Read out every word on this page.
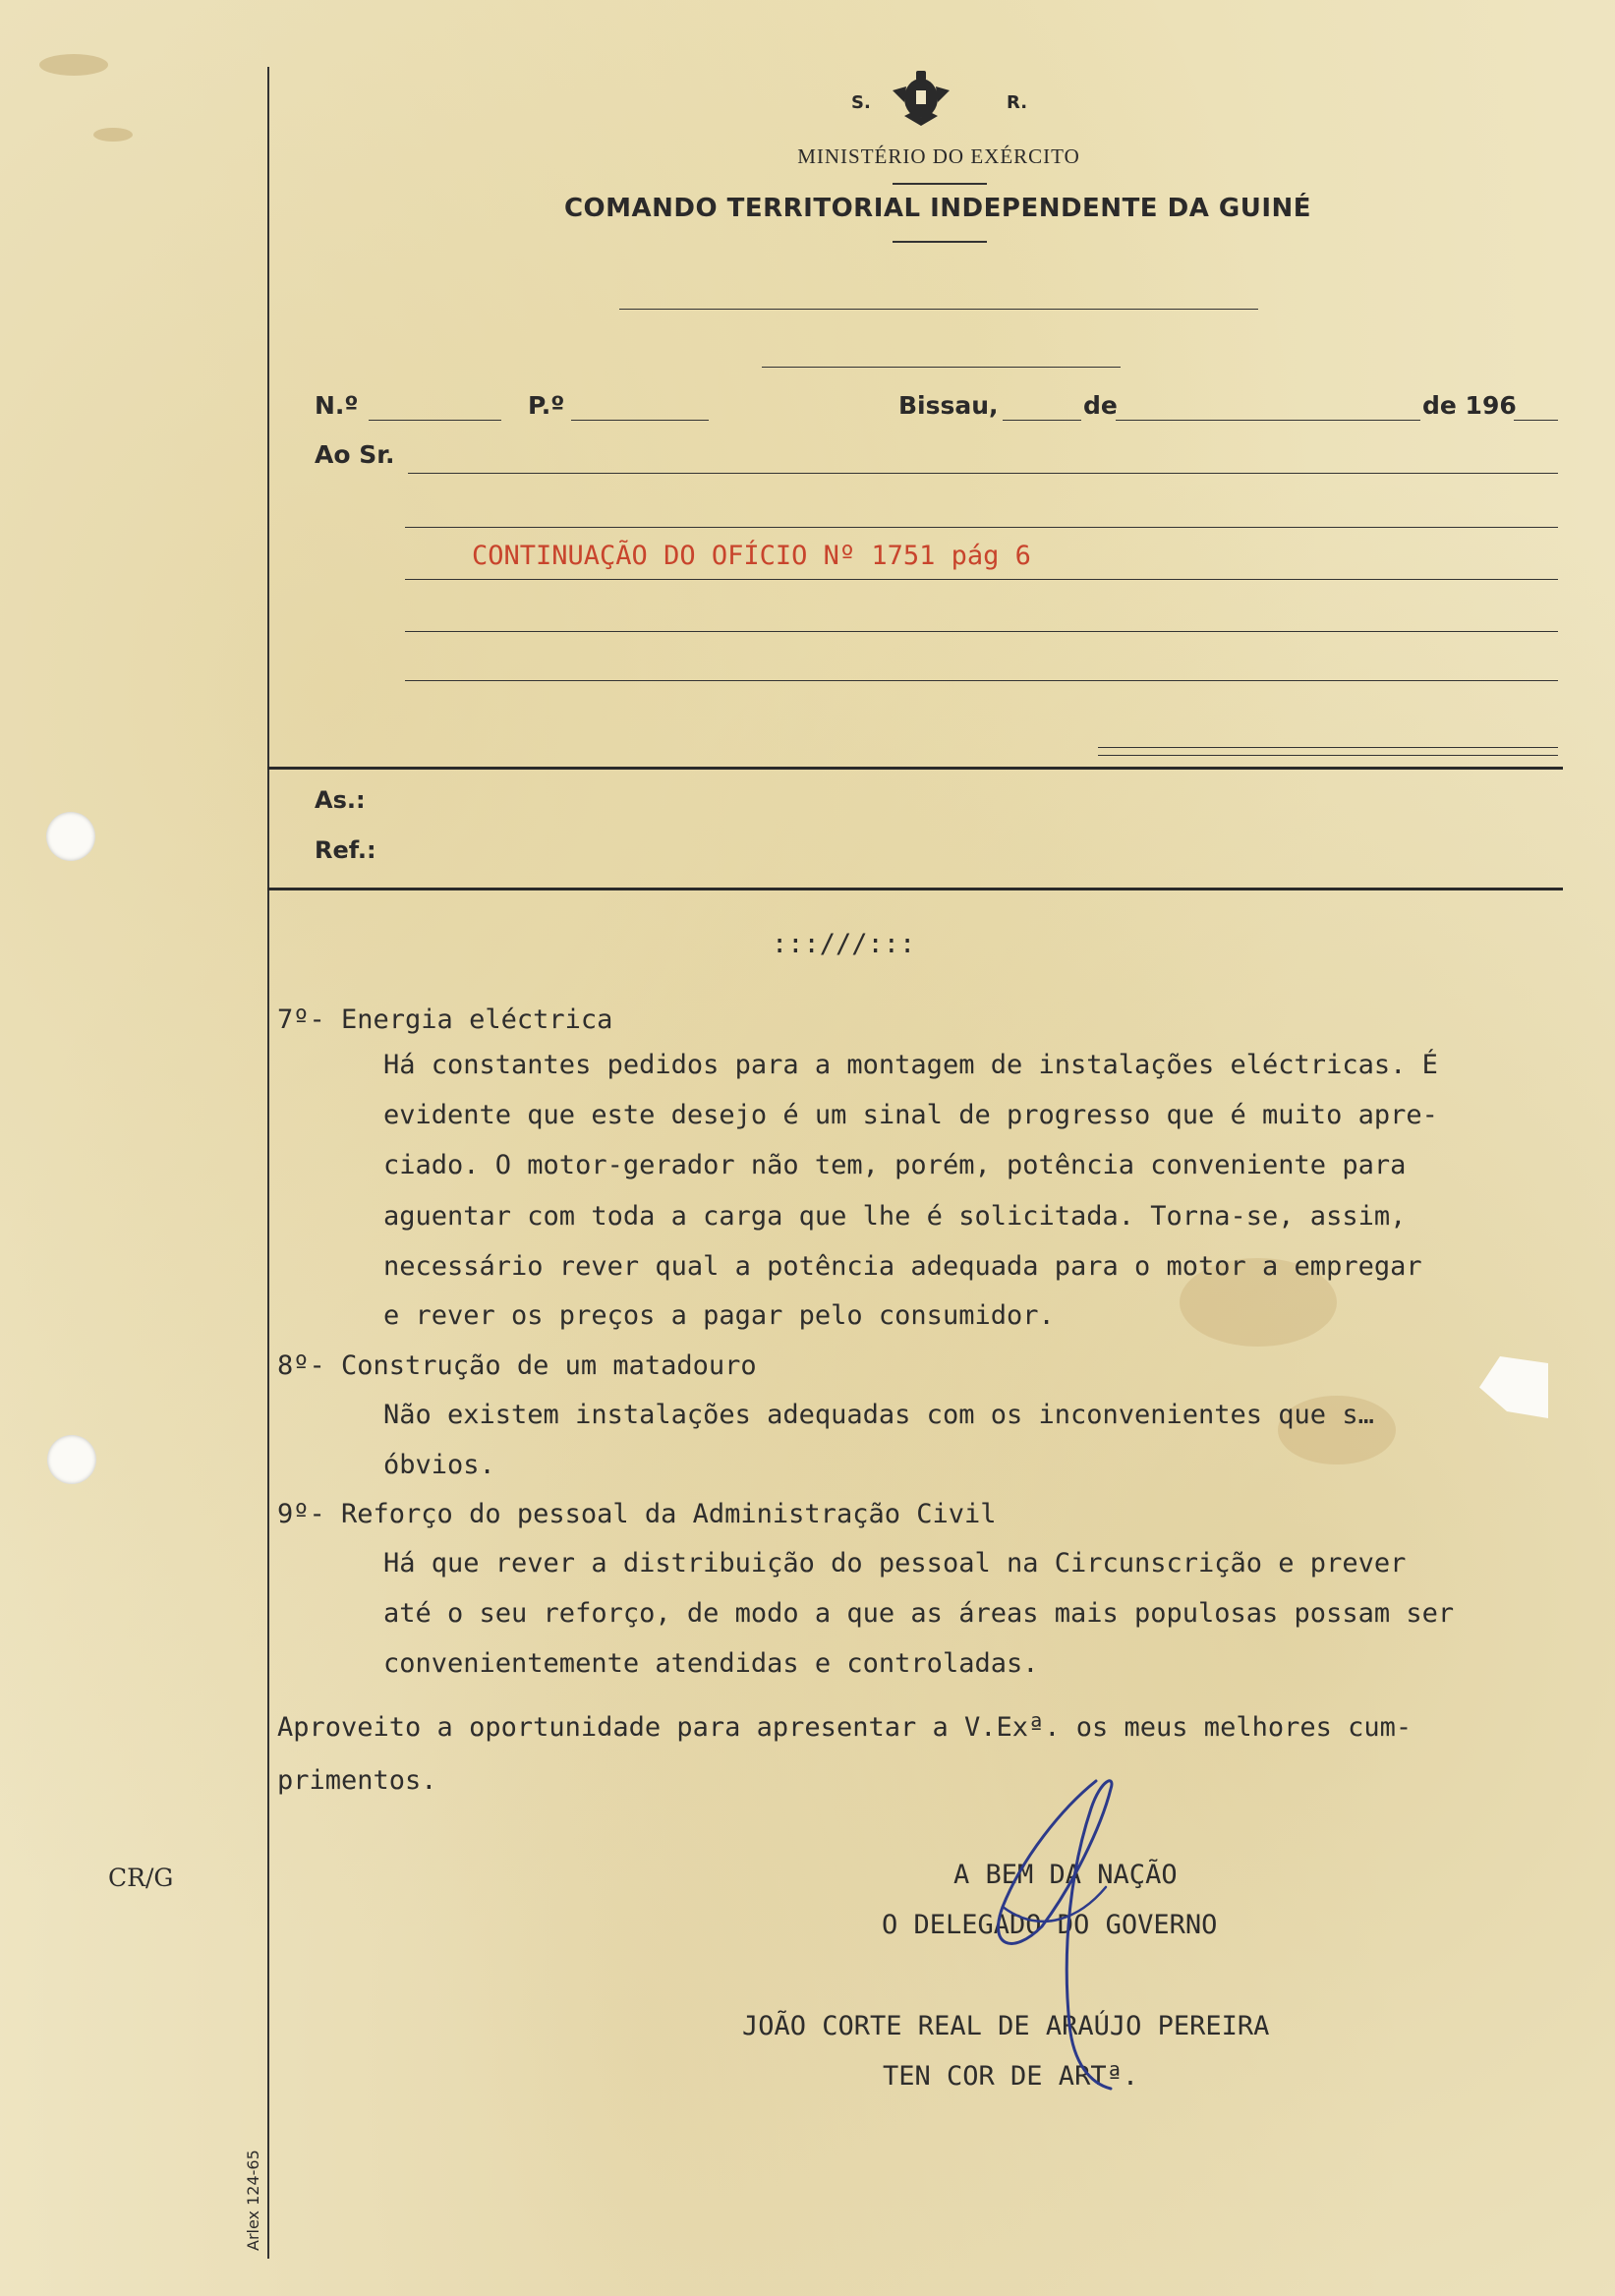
S.	R.
MINISTÉRIO DO EXÉRCITO
COMANDO TERRITORIAL INDEPENDENTE DA GUINÉ
N.º	P.º	Bissau,	de	de 196
Ao Sr.
CONTINUAÇÃO DO OFÍCIO Nº 1751 pág 6
As.:
Ref.:
:::///:::
7º- Energia eléctrica
Há constantes pedidos para a montagem de instalações eléctricas. É
evidente que este desejo é um sinal de progresso que é muito apre-
ciado. O motor-gerador não tem, porém, potência conveniente para
aguentar com toda a carga que lhe é solicitada. Torna-se, assim,
necessário rever qual a potência adequada para o motor a empregar
e rever os preços a pagar pelo consumidor.
8º- Construção de um matadouro
Não existem instalações adequadas com os inconvenientes que s…
óbvios.
9º- Reforço do pessoal da Administração Civil
Há que rever a distribuição do pessoal na Circunscrição e prever
até o seu reforço, de modo a que as áreas mais populosas possam ser
convenientemente atendidas e controladas.
Aproveito a oportunidade para apresentar a V.Exª. os meus melhores cum-
primentos.
CR/G	A BEM DA NAÇÃO
O DELEGADO DO GOVERNO
JOÃO CORTE REAL DE ARAÚJO PEREIRA
TEN COR DE ARTª.
Arlex 124-65
